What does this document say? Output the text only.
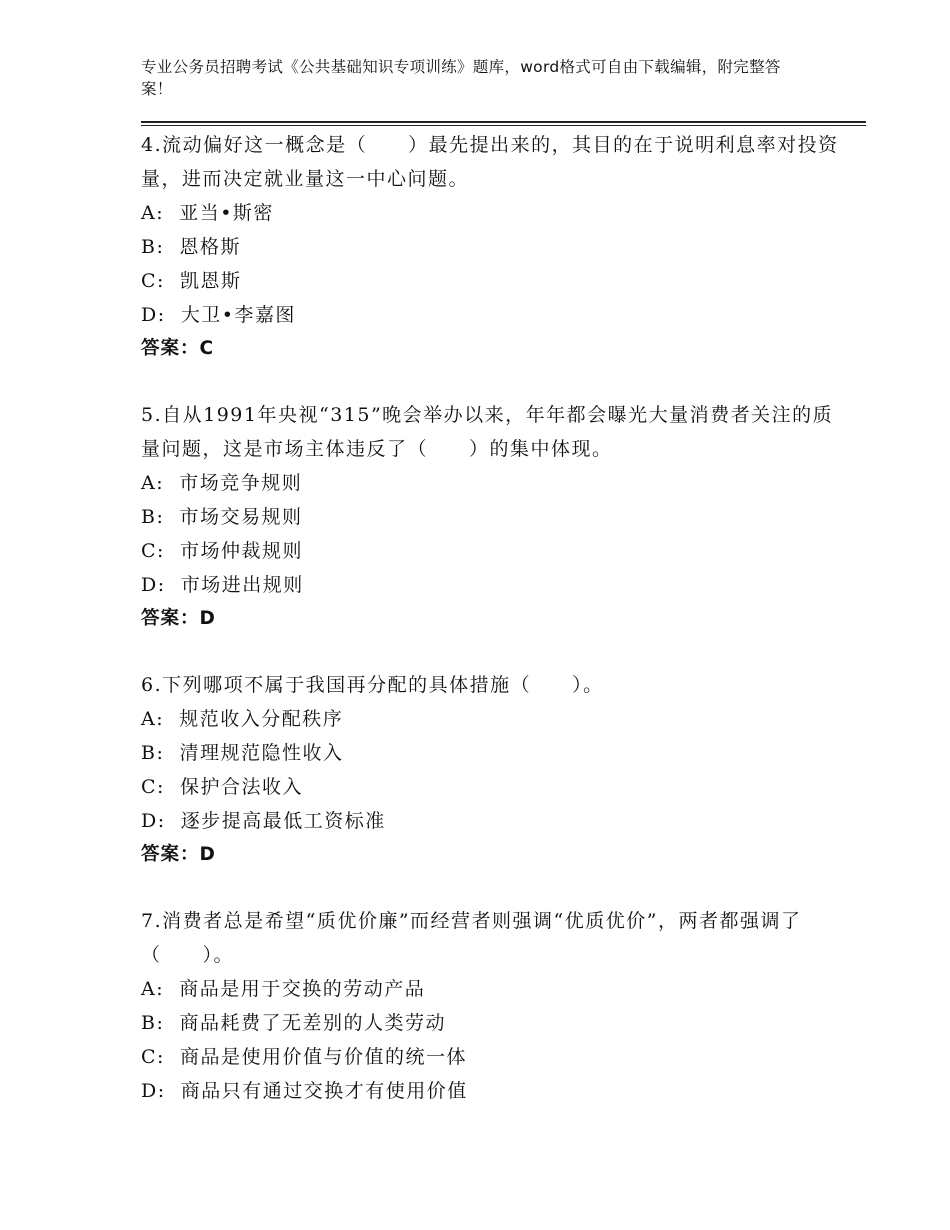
专业公务员招聘考试《公共基础知识专项训练》题库，word格式可自由下载编辑，附完整答案！

4.流动偏好这一概念是（　　）最先提出来的，其目的在于说明利息率对投资量，进而决定就业量这一中心问题。

A:  亚当•斯密
B:  恩格斯
C:  凯恩斯
D:  大卫•李嘉图
答案：C

5.自从1991年央视“315”晚会举办以来，年年都会曝光大量消费者关注的质量问题，这是市场主体违反了（　　）的集中体现。

A:  市场竞争规则
B:  市场交易规则
C:  市场仲裁规则
D:  市场进出规则
答案：D

6.下列哪项不属于我国再分配的具体措施（　　）。

A:  规范收入分配秩序
B:  清理规范隐性收入
C:  保护合法收入
D:  逐步提高最低工资标准
答案：D

7.消费者总是希望“质优价廉”而经营者则强调“优质优价”，两者都强调了（　　）。

A:  商品是用于交换的劳动产品
B:  商品耗费了无差别的人类劳动
C:  商品是使用价值与价值的统一体
D:  商品只有通过交换才有使用价值
